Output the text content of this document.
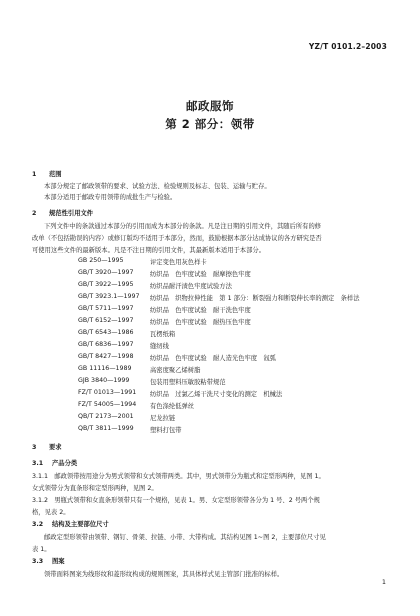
YZ/T 0101.2–2003
邮政服饰
第 2 部分：领带
1 范围
本部分规定了邮政领带的要求、试验方法、检验规则及标志、包装、运输与贮存。
本部分适用于邮政专用领带的成批生产与检验。
2 规范性引用文件
下列文件中的条款通过本部分的引用而成为本部分的条款。凡是注日期的引用文件，其随后所有的修
改单（不包括勘误的内容）或修订版均不适用于本部分，然而，鼓励根据本部分达成协议的各方研究是否
可使用这些文件的最新版本。凡是不注日期的引用文件，其最新版本适用于本部分。
GB 250—1995	评定变色用灰色样卡
GB/T 3920—1997	纺织品　色牢度试验　耐摩擦色牢度
GB/T 3922—1995	纺织品耐汗渍色牢度试验方法
GB/T 3923.1—1997 纺织品　织物拉伸性能　第 1 部分：断裂强力和断裂伸长率的测定　条样法
GB/T 5711—1997	纺织品　色牢度试验　耐干洗色牢度
GB/T 6152—1997	纺织品　色牢度试验　耐热压色牢度
GB/T 6543—1986	瓦楞纸箱
GB/T 6836—1997	缝纫线
GB/T 8427—1998	纺织品　色牢度试验　耐人造光色牢度　氙弧
GB 11116—1989	高密度聚乙烯树脂
GJB 3840—1999	包装用塑料压敏胶粘带规范
FZ/T 01013—1991 纺织品　过氯乙烯干洗尺寸变化的测定　机械法
FZ/T 54005—1994 有色涤纶低弹丝
QB/T 2173—2001	尼龙拉链
QB/T 3811—1999	塑料打包带
3 要求
3.1 产品分类
3.1.1　邮政领带按用途分为男式领带和女式领带两类。其中，男式领带分为瓶式和定型形两种，见图 1。
女式领带分为直条形和定型形两种，见图 2。
3.1.2　男瓶式领带和女直条形领带只有一个规格，见表 1。男、女定型形领带各分为 1 号、2 号两个规
格，见表 2。
3.2 结构及主要部位尺寸
邮政定型形领带由领带、钢钉、骨架、拉链、小带、大带构成。其结构见图 1~图 2，主要部位尺寸见
表 1。
3.3 图案
领带面料图案为线形纹和菱形纹构成的规则图案，其具体样式见主管部门批准的标样。
1
